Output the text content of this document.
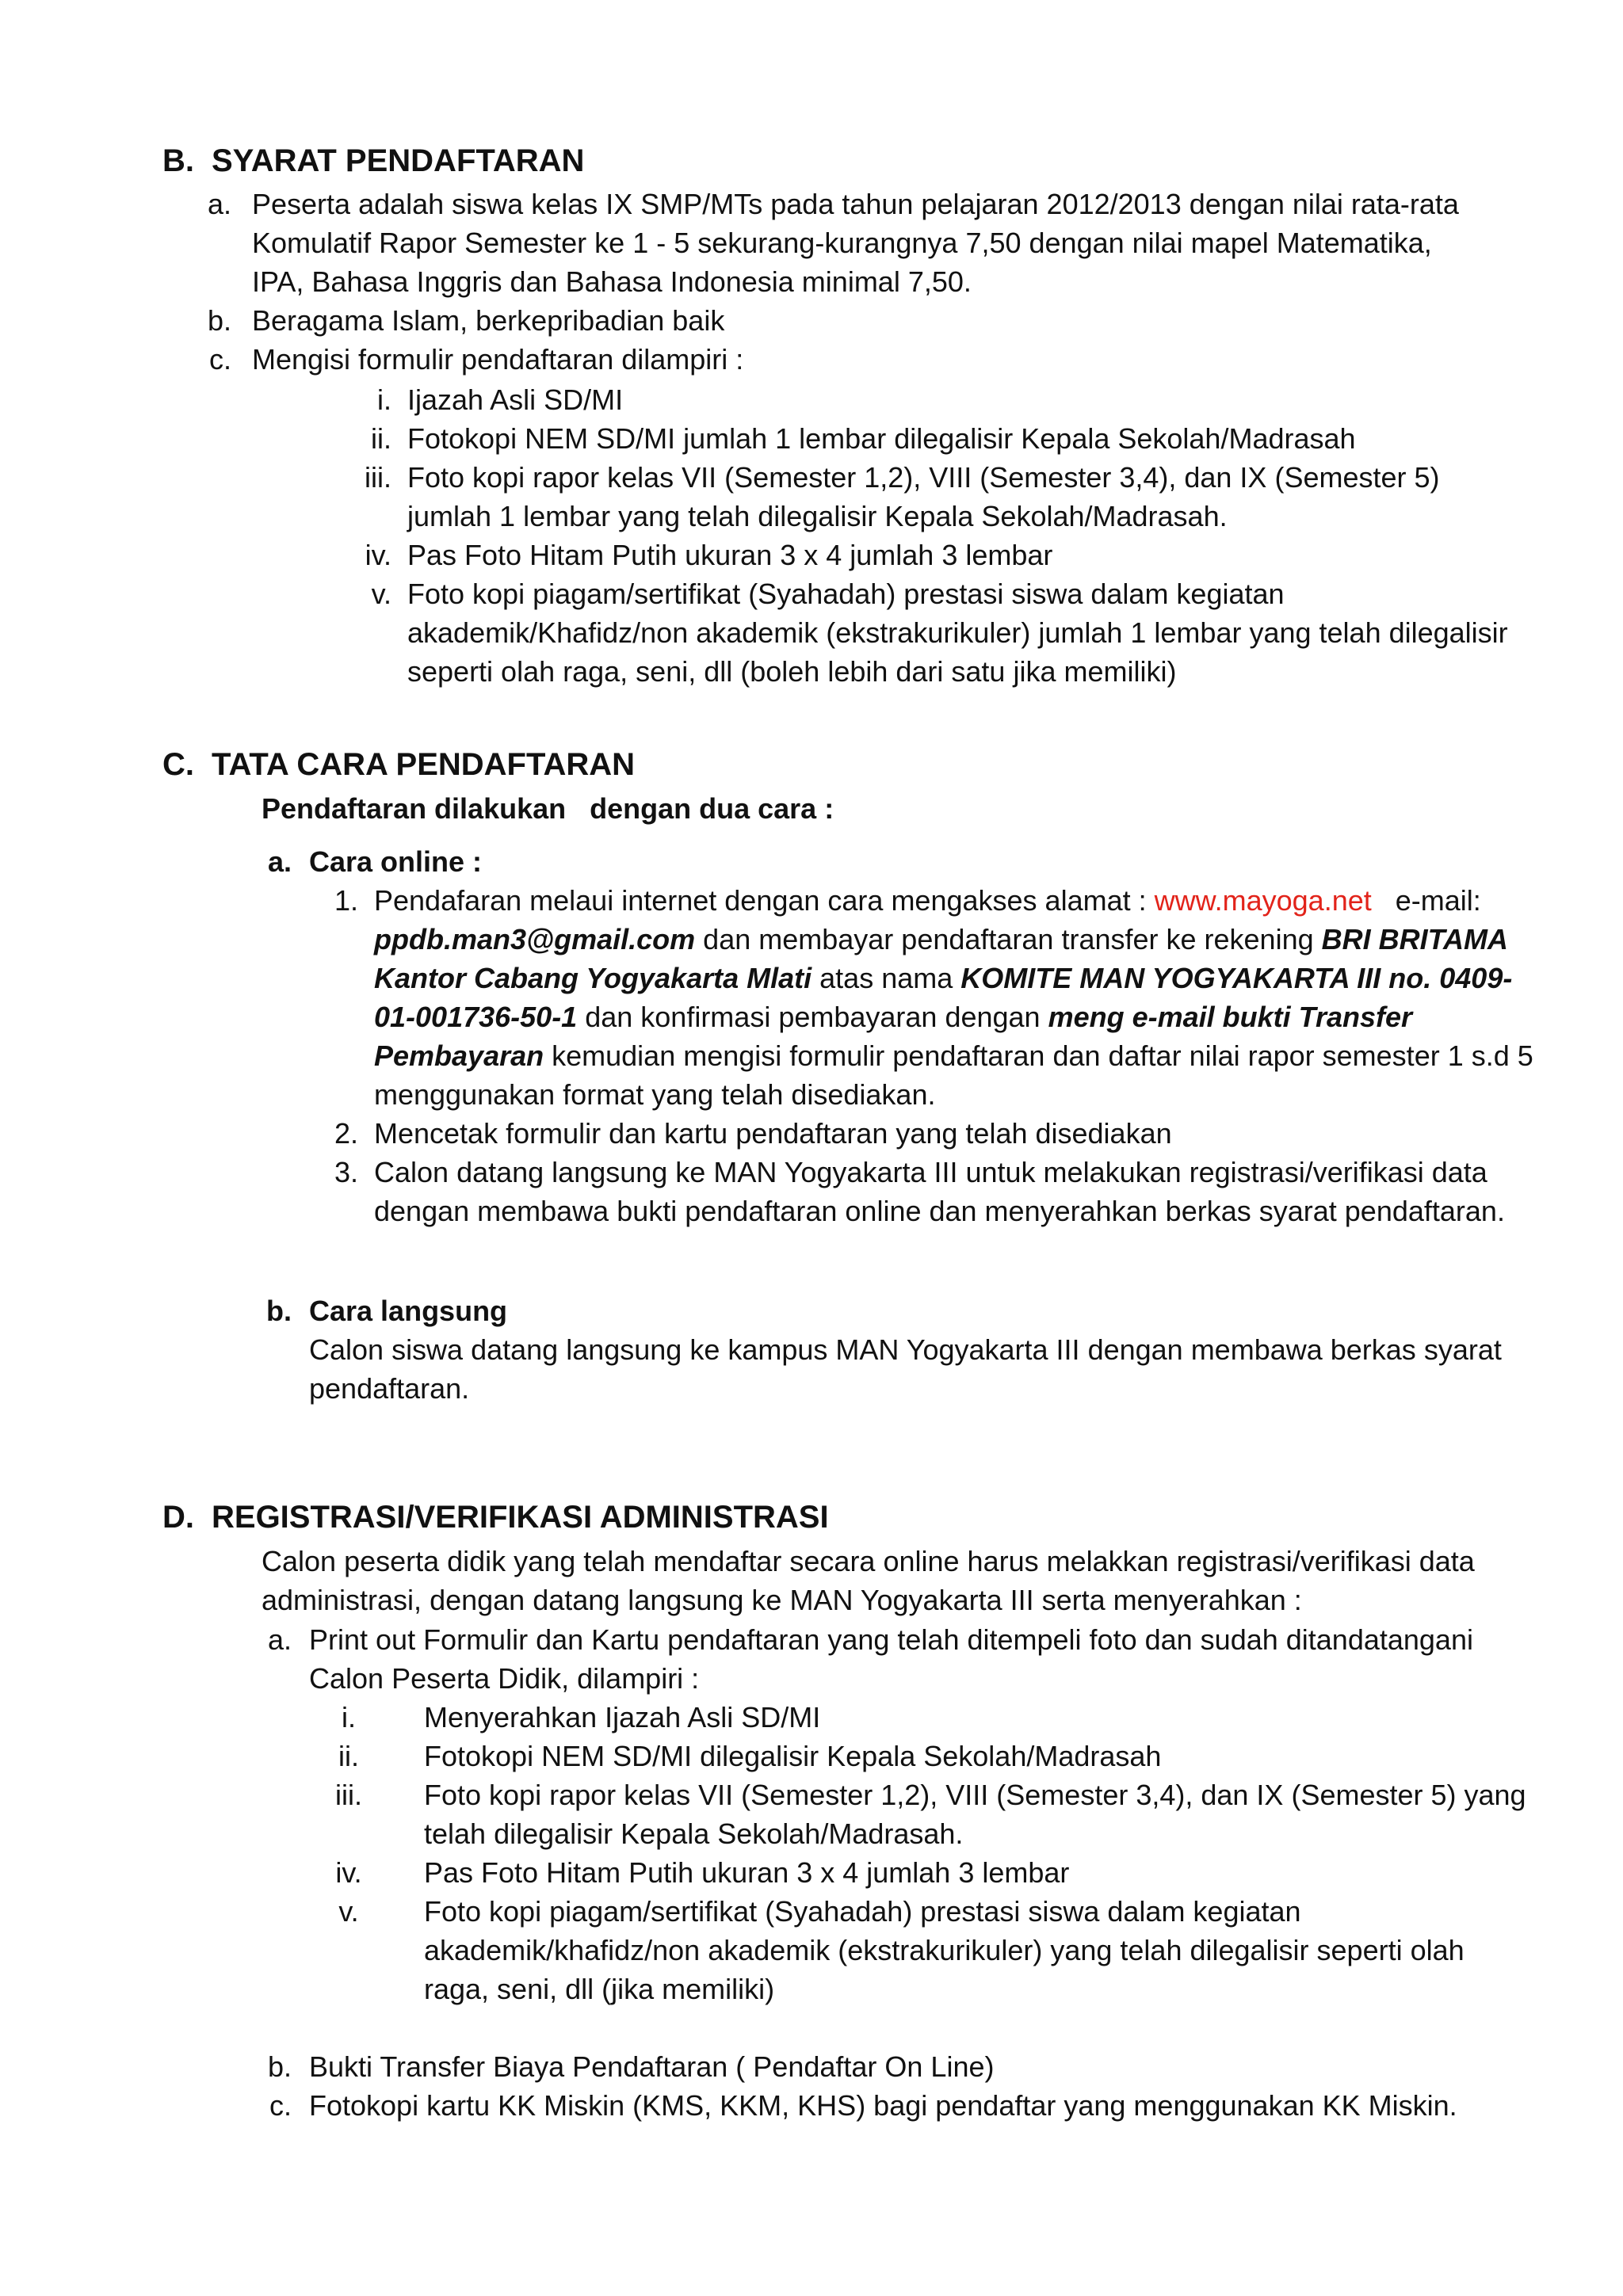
B. SYARAT PENDAFTARAN
a. Peserta adalah siswa kelas IX SMP/MTs pada tahun pelajaran 2012/2013 dengan nilai rata-rata Komulatif Rapor Semester ke 1 - 5 sekurang-kurangnya 7,50 dengan nilai mapel Matematika, IPA, Bahasa Inggris dan Bahasa Indonesia minimal 7,50.
b. Beragama Islam, berkepribadian baik
c. Mengisi formulir pendaftaran dilampiri :
i. Ijazah Asli SD/MI
ii. Fotokopi NEM SD/MI jumlah 1 lembar dilegalisir Kepala Sekolah/Madrasah
iii. Foto kopi rapor kelas VII (Semester 1,2), VIII (Semester 3,4), dan IX (Semester 5) jumlah 1 lembar yang telah dilegalisir Kepala Sekolah/Madrasah.
iv. Pas Foto Hitam Putih ukuran 3 x 4 jumlah 3 lembar
v. Foto kopi piagam/sertifikat (Syahadah) prestasi siswa dalam kegiatan akademik/Khafidz/non akademik (ekstrakurikuler) jumlah 1 lembar yang telah dilegalisir seperti olah raga, seni, dll (boleh lebih dari satu jika memiliki)
C. TATA CARA PENDAFTARAN
Pendaftaran dilakukan   dengan dua cara :
a. Cara online :
1. Pendafaran melaui internet dengan cara mengakses alamat : www.mayoga.net   e-mail: ppdb.man3@gmail.com dan membayar pendaftaran transfer ke rekening BRI BRITAMA Kantor Cabang Yogyakarta Mlati atas nama KOMITE MAN YOGYAKARTA III no. 0409-01-001736-50-1 dan konfirmasi pembayaran dengan meng e-mail bukti Transfer Pembayaran kemudian mengisi formulir pendaftaran dan daftar nilai rapor semester 1 s.d 5 menggunakan format yang telah disediakan.
2. Mencetak formulir dan kartu pendaftaran yang telah disediakan
3. Calon datang langsung ke MAN Yogyakarta III untuk melakukan registrasi/verifikasi data dengan membawa bukti pendaftaran online dan menyerahkan berkas syarat pendaftaran.
b. Cara langsung
Calon siswa datang langsung ke kampus MAN Yogyakarta III dengan membawa berkas syarat pendaftaran.
D. REGISTRASI/VERIFIKASI ADMINISTRASI
Calon peserta didik yang telah mendaftar secara online harus melakkan registrasi/verifikasi data administrasi, dengan datang langsung ke MAN Yogyakarta III serta menyerahkan :
a. Print out Formulir dan Kartu pendaftaran yang telah ditempeli foto dan sudah ditandatangani Calon Peserta Didik, dilampiri :
i.	Menyerahkan Ijazah Asli SD/MI
ii.	Fotokopi NEM SD/MI dilegalisir Kepala Sekolah/Madrasah
iii.	Foto kopi rapor kelas VII (Semester 1,2), VIII (Semester 3,4), dan IX (Semester 5) yang telah dilegalisir Kepala Sekolah/Madrasah.
iv.	Pas Foto Hitam Putih ukuran 3 x 4 jumlah 3 lembar
v.	Foto kopi piagam/sertifikat (Syahadah) prestasi siswa dalam kegiatan akademik/khafidz/non akademik (ekstrakurikuler) yang telah dilegalisir seperti olah raga, seni, dll (jika memiliki)
b. Bukti Transfer Biaya Pendaftaran ( Pendaftar On Line)
c. Fotokopi kartu KK Miskin (KMS, KKM, KHS) bagi pendaftar yang menggunakan KK Miskin.
